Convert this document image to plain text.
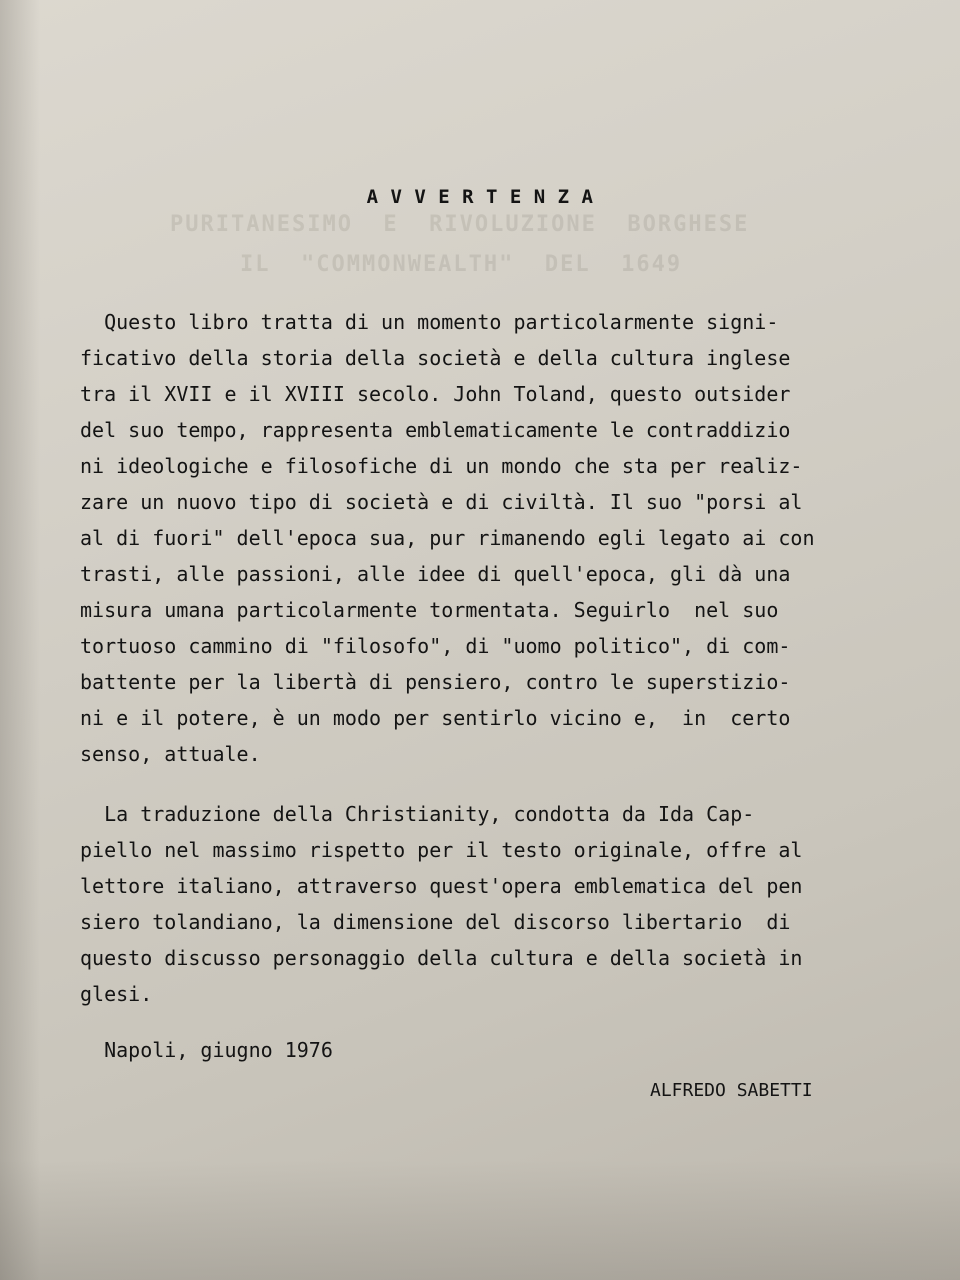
PURITANESIMO  E  RIVOLUZIONE  BORGHESE
IL  "COMMONWEALTH"  DEL  1649
A V V E R T E N Z A
Questo libro tratta di un momento particolarmente signi-
ficativo della storia della società e della cultura inglese
tra il XVII e il XVIII secolo. John Toland, questo outsider
del suo tempo, rappresenta emblematicamente le contraddizio
ni ideologiche e filosofiche di un mondo che sta per realiz-
zare un nuovo tipo di società e di civiltà. Il suo "porsi al
al di fuori" dell'epoca sua, pur rimanendo egli legato ai con
trasti, alle passioni, alle idee di quell'epoca, gli dà una
misura umana particolarmente tormentata. Seguirlo  nel suo
tortuoso cammino di "filosofo", di "uomo politico", di com-
battente per la libertà di pensiero, contro le superstizio-
ni e il potere, è un modo per sentirlo vicino e,  in  certo
senso, attuale.
La traduzione della Christianity, condotta da Ida Cap-
piello nel massimo rispetto per il testo originale, offre al
lettore italiano, attraverso quest'opera emblematica del pen
siero tolandiano, la dimensione del discorso libertario  di
questo discusso personaggio della cultura e della società in
glesi.
Napoli, giugno 1976
ALFREDO SABETTI
